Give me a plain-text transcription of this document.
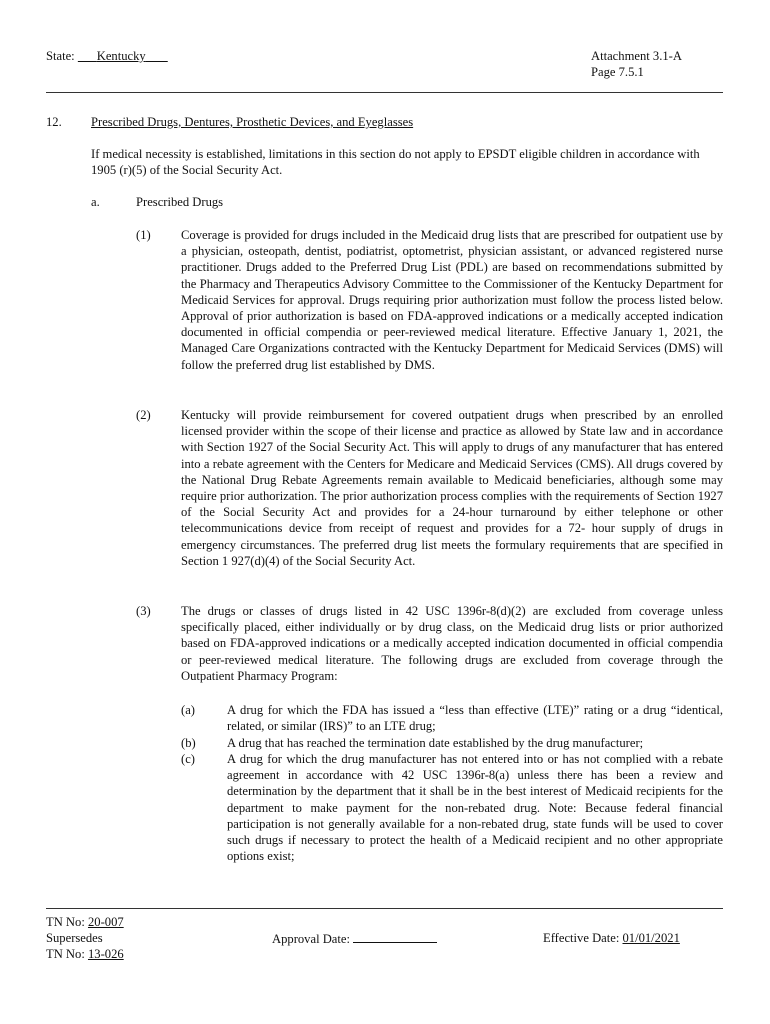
State: Kentucky	Attachment 3.1-A
Page 7.5.1
12. Prescribed Drugs, Dentures, Prosthetic Devices, and Eyeglasses

If medical necessity is established, limitations in this section do not apply to EPSDT eligible children in accordance with 1905 (r)(5) of the Social Security Act.

a.	Prescribed Drugs
(1) Coverage is provided for drugs included in the Medicaid drug lists that are prescribed for outpatient use by a physician, osteopath, dentist, podiatrist, optometrist, physician assistant, or advanced registered nurse practitioner. Drugs added to the Preferred Drug List (PDL) are based on recommendations submitted by the Pharmacy and Therapeutics Advisory Committee to the Commissioner of the Kentucky Department for Medicaid Services for approval. Drugs requiring prior authorization must follow the process listed below. Approval of prior authorization is based on FDA-approved indications or a medically accepted indication documented in official compendia or peer-reviewed medical literature. Effective January 1, 2021, the Managed Care Organizations contracted with the Kentucky Department for Medicaid Services (DMS) will follow the preferred drug list established by DMS.

(2) Kentucky will provide reimbursement for covered outpatient drugs when prescribed by an enrolled licensed provider within the scope of their license and practice as allowed by State law and in accordance with Section 1927 of the Social Security Act. This will apply to drugs of any manufacturer that has entered into a rebate agreement with the Centers for Medicare and Medicaid Services (CMS). All drugs covered by the National Drug Rebate Agreements remain available to Medicaid beneficiaries, although some may require prior authorization. The prior authorization process complies with the requirements of Section 1927 of the Social Security Act and provides for a 24-hour turnaround by either telephone or other telecommunications device from receipt of request and provides for a 72- hour supply of drugs in emergency circumstances. The preferred drug list meets the formulary requirements that are specified in Section 1 927(d)(4) of the Social Security Act.

(3) The drugs or classes of drugs listed in 42 USC 1396r-8(d)(2) are excluded from coverage unless specifically placed, either individually or by drug class, on the Medicaid drug lists or prior authorized based on FDA-approved indications or a medically accepted indication documented in official compendia or peer-reviewed medical literature. The following drugs are excluded from coverage through the Outpatient Pharmacy Program:

(a)	A drug for which the FDA has issued a “less than effective (LTE)” rating or a drug “identical, related, or similar (IRS)” to an LTE drug;

(b) A drug that has reached the termination date established by the drug manufacturer;

(c)	A drug for which the drug manufacturer has not entered into or has not complied with a rebate agreement in accordance with 42 USC 1396r-8(a) unless there has been a review and determination by the department that it shall be in the best interest of Medicaid recipients for the department to make payment for the non-rebated drug. Note: Because federal financial participation is not generally available for a non-rebated drug, state funds will be used to cover such drugs if necessary to protect the health of a Medicaid recipient and no other appropriate options exist;

TN No: 20-007
Supersedes
TN No: 13-026
Approval Date:	Effective Date: 01/01/2021
